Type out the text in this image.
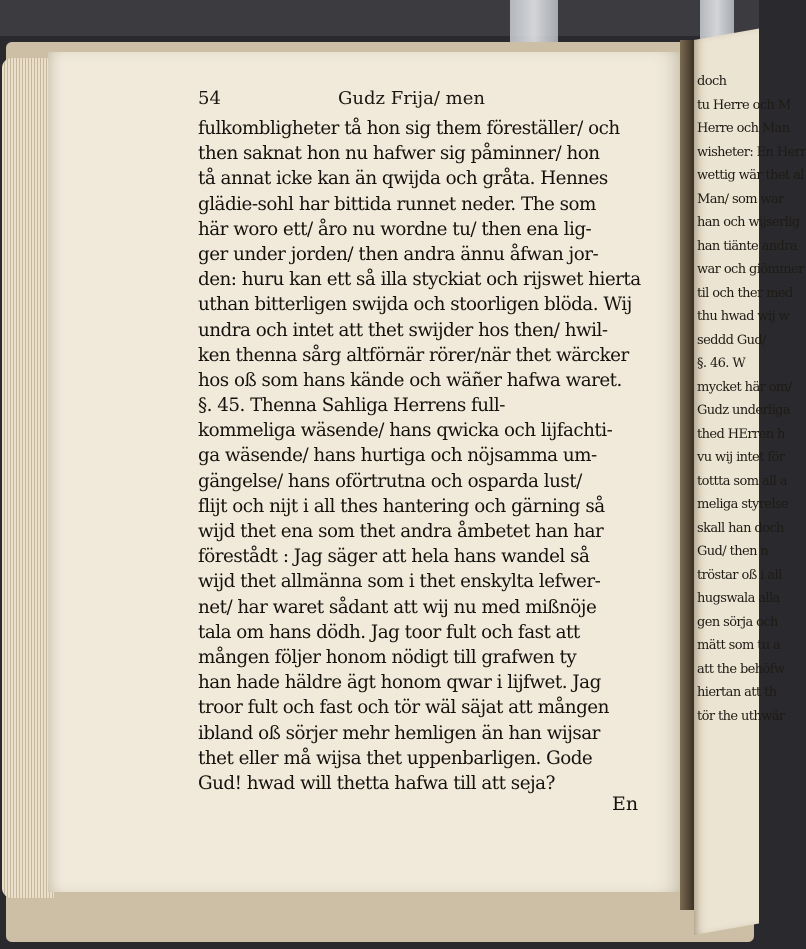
doch
tu Herre och M
Herre och Man
wisheter: En Herr
wettig wär thet al
Man/ som war
han och wijserlig
han tiänte andra
war och giömmer
til och ther med
thu hwad wij w
seddd Gud/
§. 46. W
mycket här om/
Gudz underliga
thed HErren h
vu wij intet för
tottta som all a
meliga styrelse
skall han doch
Gud/ then n
tröstar oß i all
hugswala alla
gen sörja och
mätt som tu a
att the behöfw
hiertan att th
tör the uthwär
54	Gudz Frija/ men
fulkombligheter tå hon sig them föreställer/ och
then saknat hon nu hafwer sig påminner/ hon
tå annat icke kan än qwijda och gråta. Hennes
glädie-sohl har bittida runnet neder. The som
här woro ett/ åro nu wordne tu/ then ena lig-
ger under jorden/ then andra ännu åfwan jor-
den: huru kan ett så illa styckiat och rijswet hierta
uthan bitterligen swijda och stoorligen blöda. Wij
undra och intet att thet swijder hos then/ hwil-
ken thenna sårg altförnär rörer/när thet wärcker
hos oß som hans kände och wäñer hafwa waret.
§. 45. Thenna Sahliga Herrens full-
kommeliga wäsende/ hans qwicka och lijfachti-
ga wäsende/ hans hurtiga och nöjsamma um-
gängelse/ hans oförtrutna och osparda lust/
flijt och nijt i all thes hantering och gärning så
wijd thet ena som thet andra åmbetet han har
förestådt : Jag säger att hela hans wandel så
wijd thet allmänna som i thet enskylta lefwer-
net/ har waret sådant att wij nu med mißnöje
tala om hans dödh. Jag toor fult och fast att
mången följer honom nödigt till grafwen ty
han hade häldre ägt honom qwar i lijfwet. Jag
troor fult och fast och tör wäl säjat att mången
ibland oß sörjer mehr hemligen än han wijsar
thet eller må wijsa thet uppenbarligen. Gode
Gud! hwad will thetta hafwa till att seja?
En
